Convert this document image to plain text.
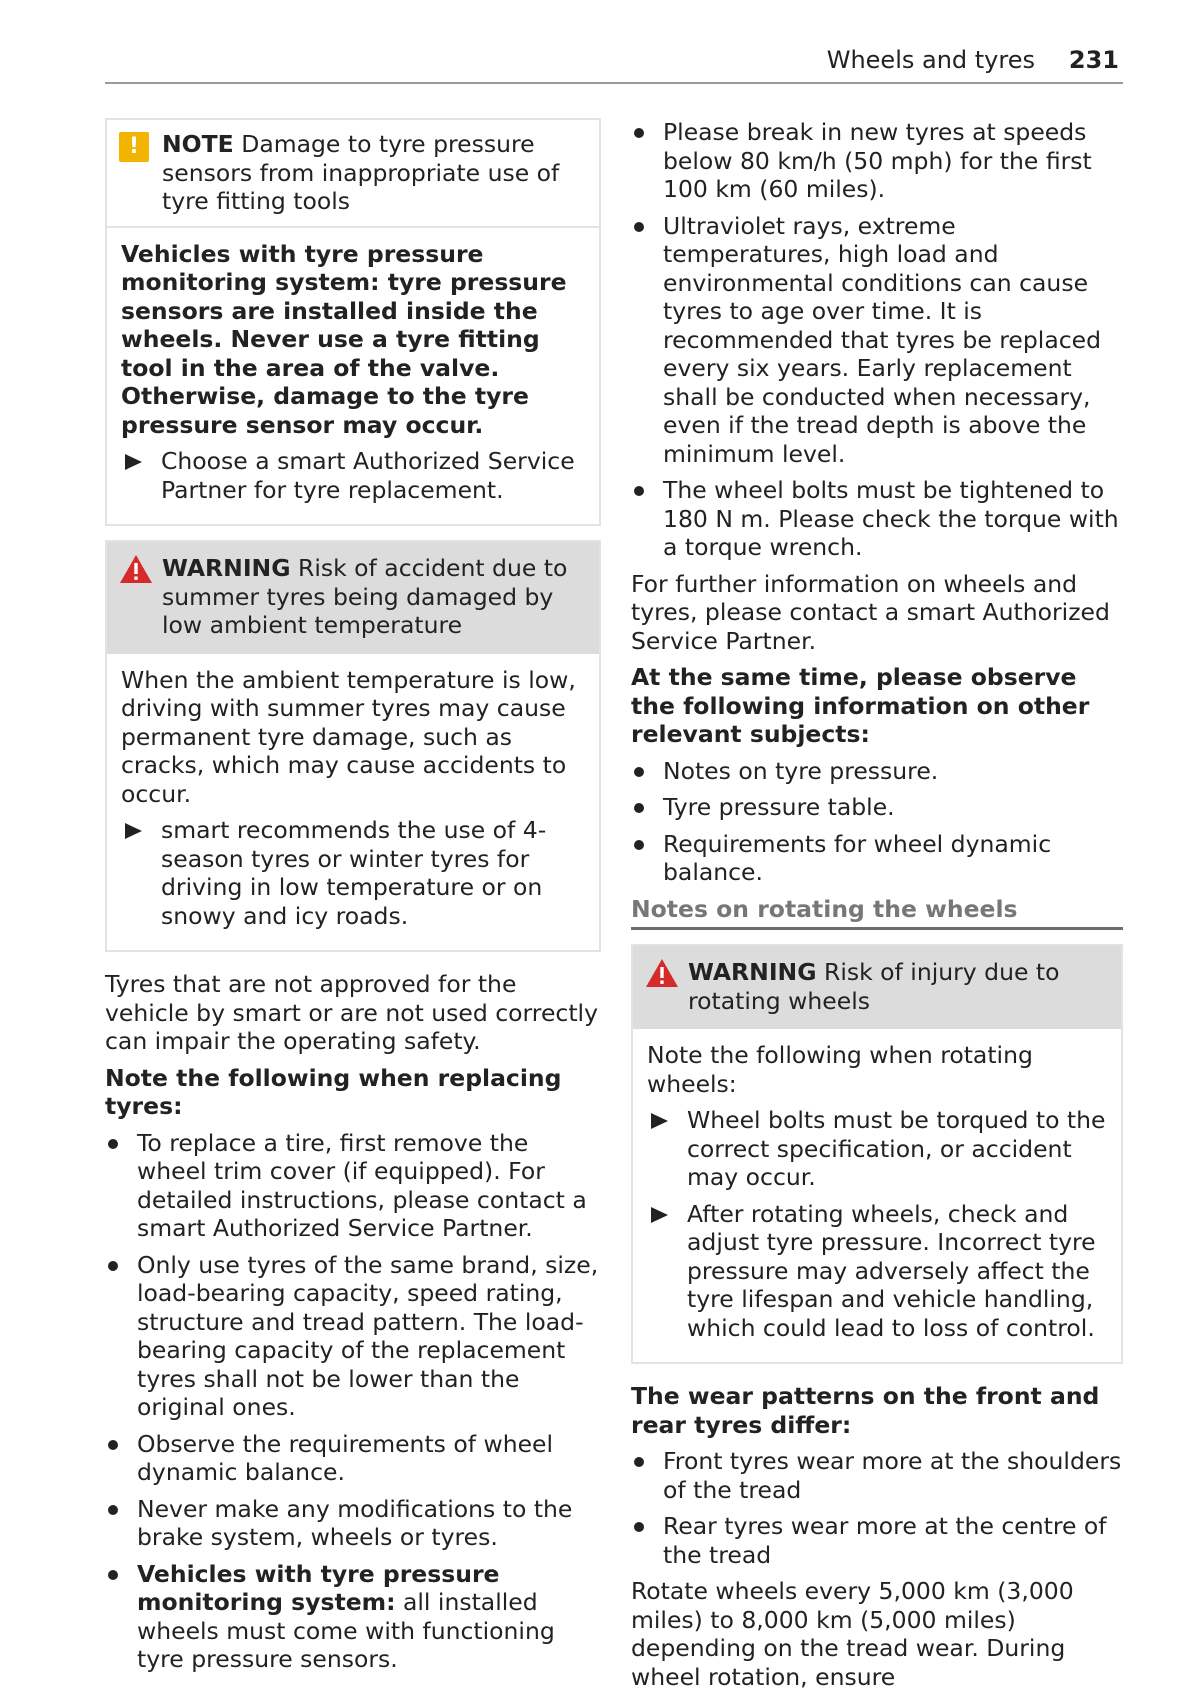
Wheels and tyres 231
! NOTE Damage to tyre pressure sensors from inappropriate use of tyre fitting tools

Vehicles with tyre pressure monitoring system: tyre pressure sensors are installed inside the wheels. Never use a tyre fitting tool in the area of the valve. Otherwise, damage to the tyre pressure sensor may occur.

Choose a smart Authorized Service Partner for tyre replacement.
WARNING Risk of accident due to summer tyres being damaged by low ambient temperature

When the ambient temperature is low, driving with summer tyres may cause permanent tyre damage, such as cracks, which may cause accidents to occur.

smart recommends the use of 4-season tyres or winter tyres for driving in low temperature or on snowy and icy roads.

Tyres that are not approved for the vehicle by smart or are not used correctly can impair the operating safety.

Note the following when replacing tyres:

To replace a tire, first remove the wheel trim cover (if equipped). For detailed instructions, please contact a smart Authorized Service Partner.
Only use tyres of the same brand, size, load-bearing capacity, speed rating, structure and tread pattern. The load-bearing capacity of the replacement tyres shall not be lower than the original ones.
Observe the requirements of wheel dynamic balance.
Never make any modifications to the brake system, wheels or tyres.
Vehicles with tyre pressure monitoring system: all installed wheels must come with functioning tyre pressure sensors.
Please break in new tyres at speeds below 80 km/h (50 mph) for the first 100 km (60 miles).
Ultraviolet rays, extreme temperatures, high load and environmental conditions can cause tyres to age over time. It is recommended that tyres be replaced every six years. Early replacement shall be conducted when necessary, even if the tread depth is above the minimum level.
The wheel bolts must be tightened to 180 N m. Please check the torque with a torque wrench.

For further information on wheels and tyres, please contact a smart Authorized Service Partner.

At the same time, please observe the following information on other relevant subjects:

Notes on tyre pressure.
Tyre pressure table.
Requirements for wheel dynamic balance.
Notes on rotating the wheels
WARNING Risk of injury due to rotating wheels

Note the following when rotating wheels:

Wheel bolts must be torqued to the correct specification, or accident may occur.
After rotating wheels, check and adjust tyre pressure. Incorrect tyre pressure may adversely affect the tyre lifespan and vehicle handling, which could lead to loss of control.

The wear patterns on the front and rear tyres differ:

Front tyres wear more at the shoulders of the tread
Rear tyres wear more at the centre of the tread

Rotate wheels every 5,000 km (3,000 miles) to 8,000 km (5,000 miles) depending on the tread wear. During wheel rotation, ensure
